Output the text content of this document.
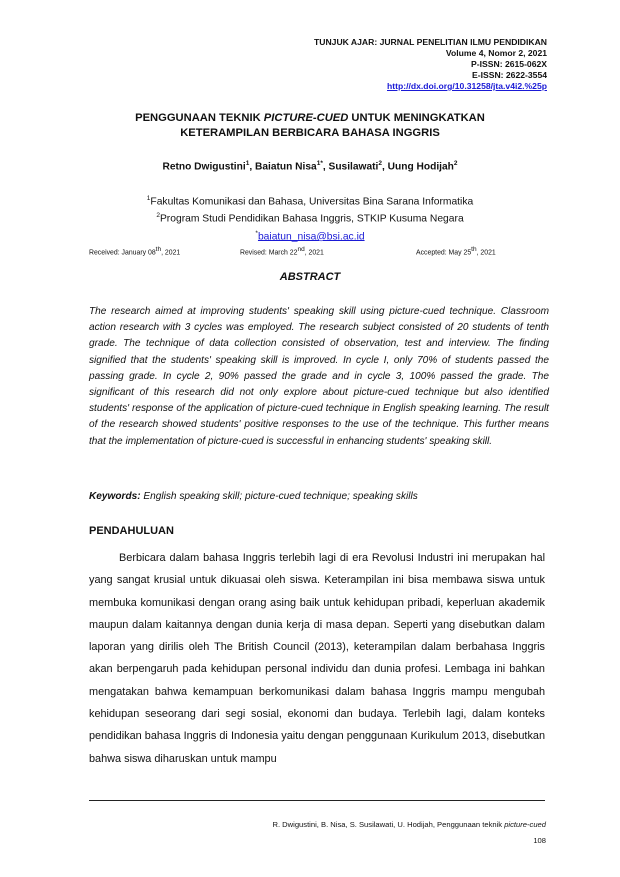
TUNJUK AJAR: JURNAL PENELITIAN ILMU PENDIDIKAN
Volume 4, Nomor 2, 2021
P-ISSN: 2615-062X
E-ISSN: 2622-3554
http://dx.doi.org/10.31258/jta.v4i2.%25p
PENGGUNAAN TEKNIK PICTURE-CUED UNTUK MENINGKATKAN
KETERAMPILAN BERBICARA BAHASA INGGRIS
Retno Dwigustini$^1$, Baiatun Nisa$^{1*}$, Susilawati$^2$, Uung Hodijah$^2$
$^1$Fakultas Komunikasi dan Bahasa, Universitas Bina Sarana Informatika
$^2$Program Studi Pendidikan Bahasa Inggris, STKIP Kusuma Negara
*baiatun_nisa@bsi.ac.id
Received: January 08th, 2021	Revised: March 22nd, 2021	Accepted: May 25th, 2021
ABSTRACT
The research aimed at improving students' speaking skill using picture-cued technique. Classroom action research with 3 cycles was employed. The research subject consisted of 20 students of tenth grade. The technique of data collection consisted of observation, test and interview. The finding signified that the students' speaking skill is improved. In cycle I, only 70% of students passed the passing grade. In cycle 2, 90% passed the grade and in cycle 3, 100% passed the grade. The significant of this research did not only explore about picture-cued technique but also identified students' response of the application of picture-cued technique in English speaking learning. The result of the research showed students' positive responses to the use of the technique. This further means that the implementation of picture-cued is successful in enhancing students' speaking skill.
Keywords: English speaking skill; picture-cued technique; speaking skills
PENDAHULUAN
Berbicara dalam bahasa Inggris terlebih lagi di era Revolusi Industri ini merupakan hal yang sangat krusial untuk dikuasai oleh siswa. Keterampilan ini bisa membawa siswa untuk membuka komunikasi dengan orang asing baik untuk kehidupan pribadi, keperluan akademik maupun dalam kaitannya dengan dunia kerja di masa depan. Seperti yang disebutkan dalam laporan yang dirilis oleh The British Council (2013), keterampilan dalam berbahasa Inggris akan berpengaruh pada kehidupan personal individu dan dunia profesi. Lembaga ini bahkan mengatakan bahwa kemampuan berkomunikasi dalam bahasa Inggris mampu mengubah kehidupan seseorang dari segi sosial, ekonomi dan budaya. Terlebih lagi, dalam konteks pendidikan bahasa Inggris di Indonesia yaitu dengan penggunaan Kurikulum 2013, disebutkan bahwa siswa diharuskan untuk mampu
R. Dwigustini, B. Nisa, S. Susilawati, U. Hodijah, Penggunaan teknik picture-cued
108
